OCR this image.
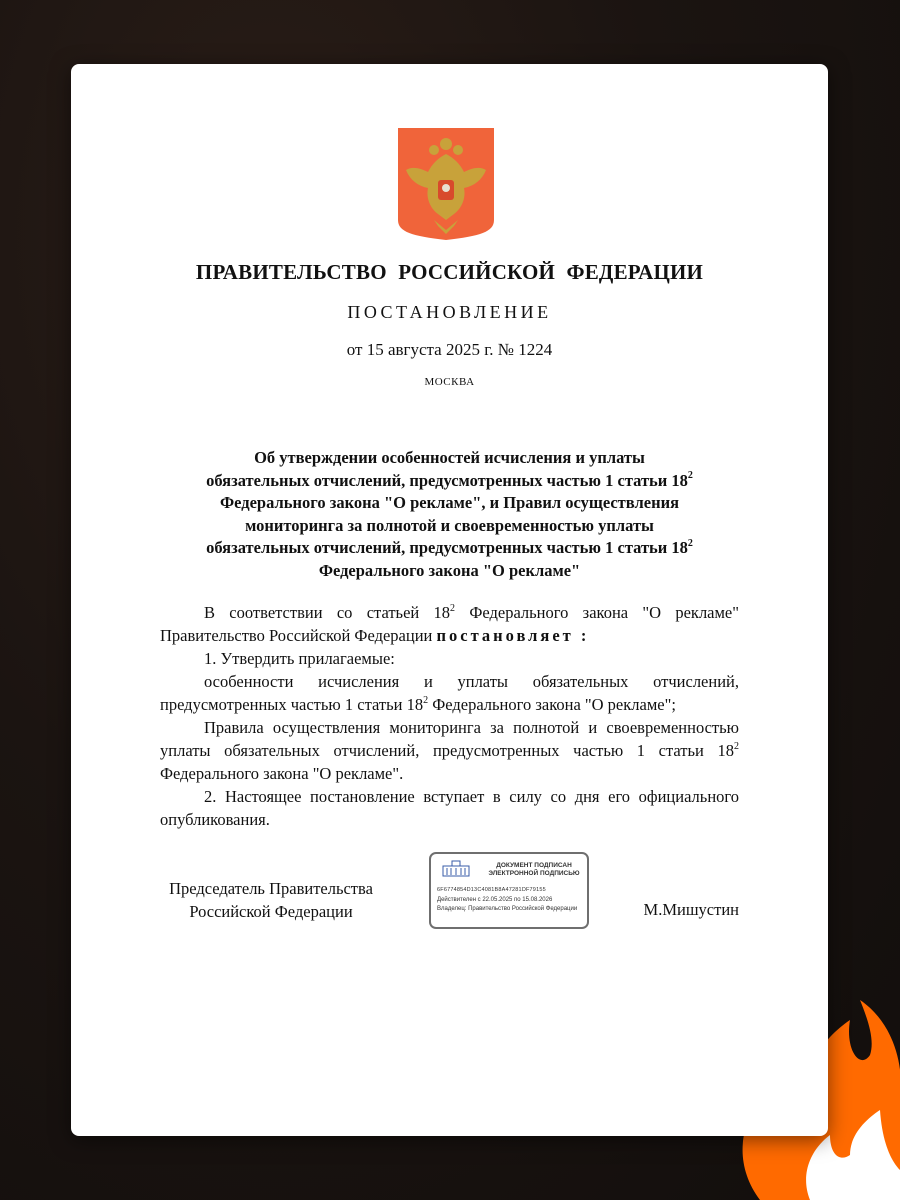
ПРАВИТЕЛЬСТВО РОССИЙСКОЙ ФЕДЕРАЦИИ
ПОСТАНОВЛЕНИЕ
от 15 августа 2025 г. № 1224
МОСКВА
Об утверждении особенностей исчисления и уплаты
обязательных отчислений, предусмотренных частью 1 статьи $18^2$
Федерального закона "О рекламе", и Правил осуществления
мониторинга за полнотой и своевременностью уплаты
обязательных отчислений, предусмотренных частью 1 статьи $18^2$
Федерального закона "О рекламе"

В соответствии со статьей $18^2$ Федерального закона "О рекламе" Правительство Российской Федерации постановляет :

1. Утвердить прилагаемые:

особенности исчисления и уплаты обязательных отчислений, предусмотренных частью 1 статьи $18^2$ Федерального закона "О рекламе";

Правила осуществления мониторинга за полнотой и своевременностью уплаты обязательных отчислений, предусмотренных частью 1 статьи $18^2$ Федерального закона "О рекламе".

2. Настоящее постановление вступает в силу со дня его официального опубликования.

Председатель Правительства
Российской Федерации
ДОКУМЕНТ ПОДПИСАН ЭЛЕКТРОННОЙ ПОДПИСЬЮ
6F6774854D13C4081B8A47281DF79155
Действителен с 22.05.2025 по 15.08.2026
Владелец: Правительство Российской Федерации	М.Мишустин
